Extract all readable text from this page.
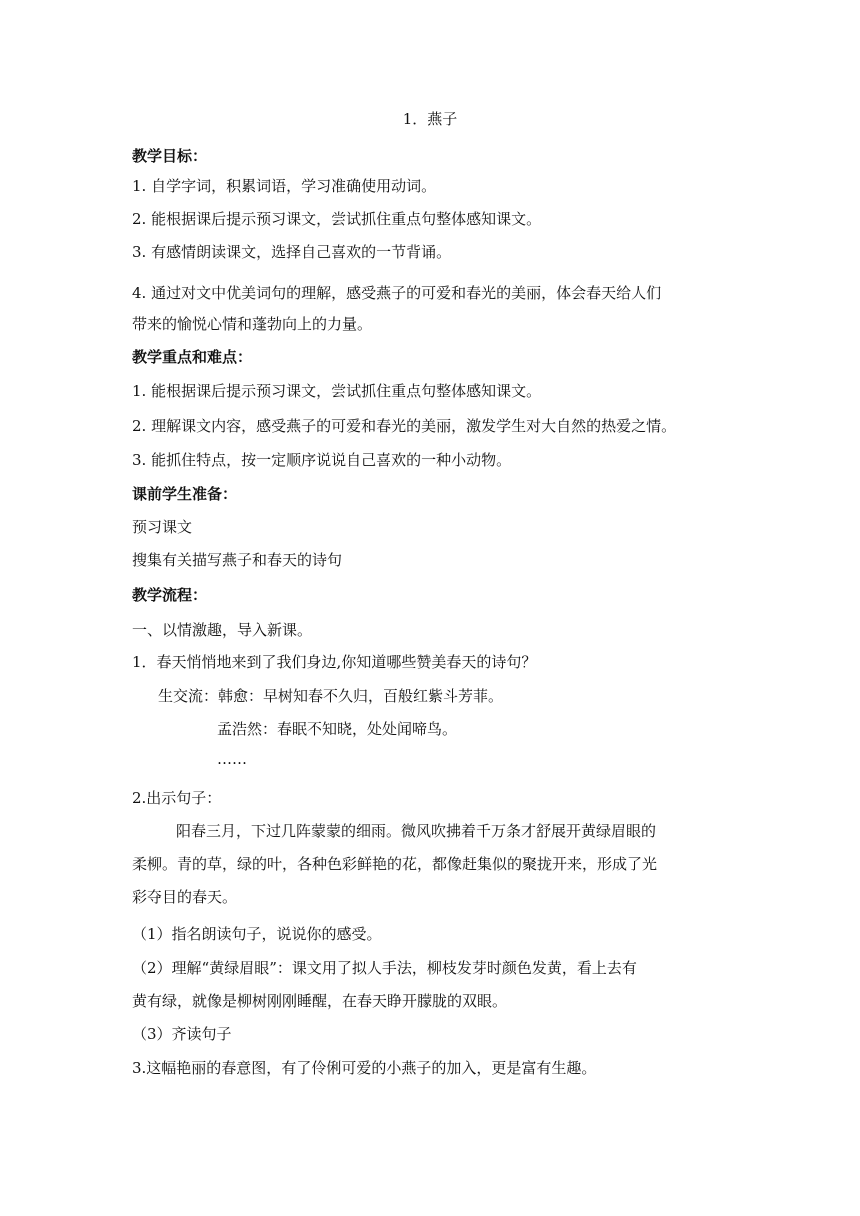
1．燕子
教学目标：
1. 自学字词，积累词语，学习准确使用动词。
2. 能根据课后提示预习课文，尝试抓住重点句整体感知课文。
3. 有感情朗读课文，选择自己喜欢的一节背诵。
4. 通过对文中优美词句的理解，感受燕子的可爱和春光的美丽，体会春天给人们
带来的愉悦心情和蓬勃向上的力量。
教学重点和难点：
1. 能根据课后提示预习课文，尝试抓住重点句整体感知课文。
2. 理解课文内容，感受燕子的可爱和春光的美丽，激发学生对大自然的热爱之情。
3. 能抓住特点，按一定顺序说说自己喜欢的一种小动物。
课前学生准备：
预习课文
搜集有关描写燕子和春天的诗句
教学流程：
一、以情激趣，导入新课。
1．春天悄悄地来到了我们身边,你知道哪些赞美春天的诗句？
生交流：韩愈：早树知春不久归，百般红紫斗芳菲。
孟浩然：春眠不知晓，处处闻啼鸟。
……
2.出示句子：
阳春三月，下过几阵蒙蒙的细雨。微风吹拂着千万条才舒展开黄绿眉眼的
柔柳。青的草，绿的叶，各种色彩鲜艳的花，都像赶集似的聚拢开来，形成了光
彩夺目的春天。
（1）指名朗读句子，说说你的感受。
（2）理解“黄绿眉眼”：课文用了拟人手法，柳枝发芽时颜色发黄，看上去有
黄有绿，就像是柳树刚刚睡醒，在春天睁开朦胧的双眼。
（3）齐读句子
3.这幅艳丽的春意图，有了伶俐可爱的小燕子的加入，更是富有生趣。
